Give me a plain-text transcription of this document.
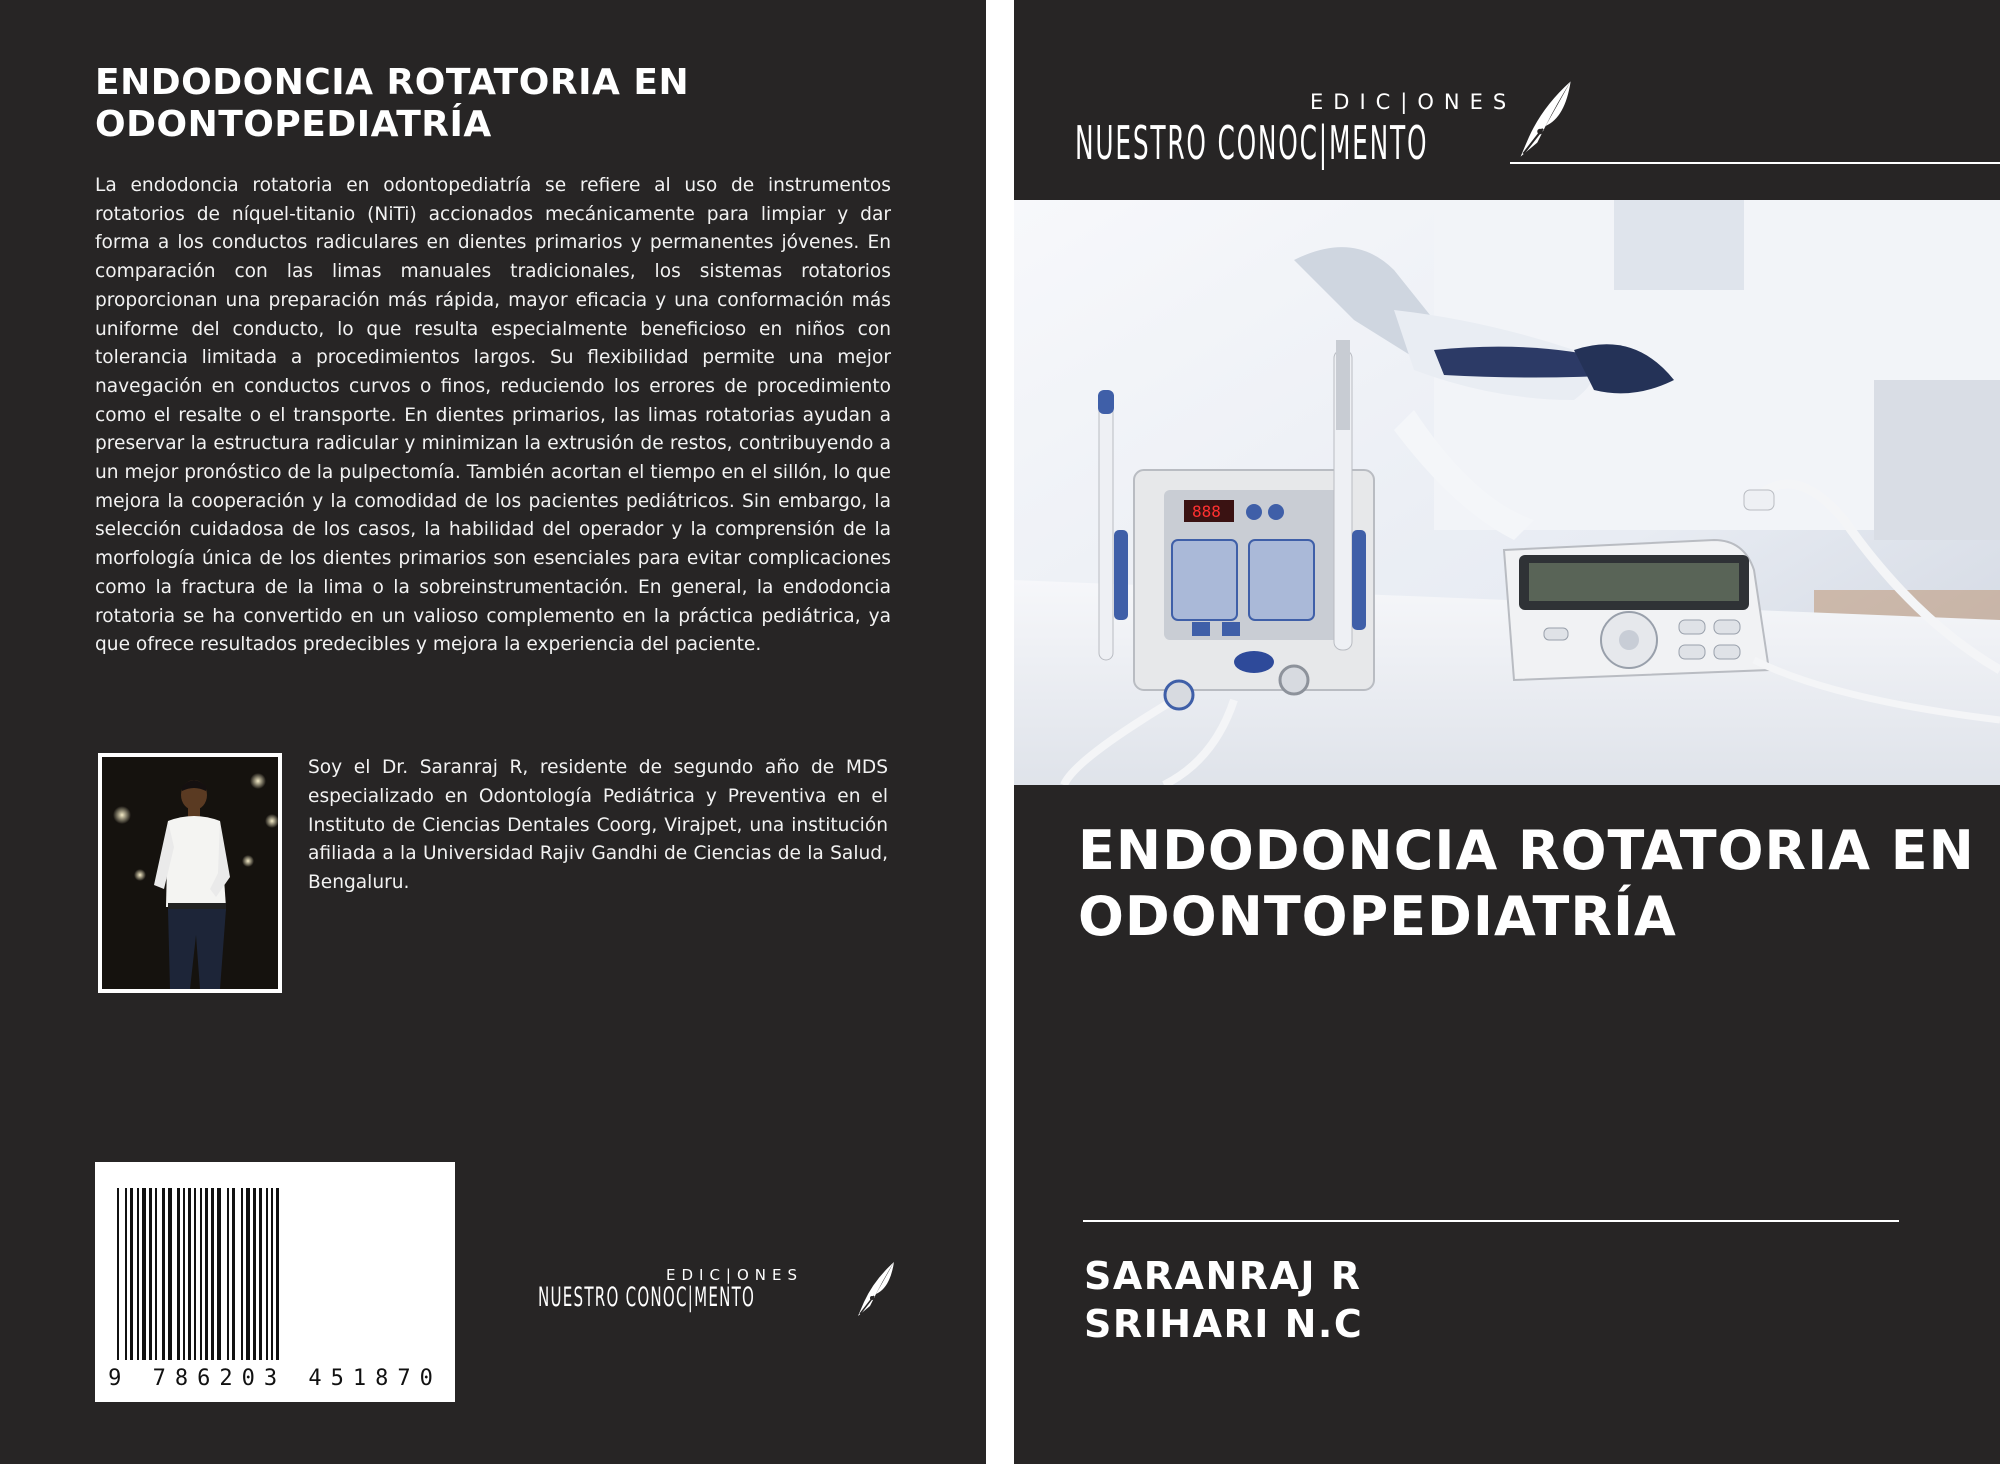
ENDODONCIA ROTATORIA EN ODONTOPEDIATRÍA

La endodoncia rotatoria en odontopediatría se refiere al uso de instrumentos rotatorios de níquel-titanio (NiTi) accionados mecánicamente para limpiar y dar forma a los conductos radiculares en dientes primarios y permanentes jóvenes. En comparación con las limas manuales tradicionales, los sistemas rotatorios proporcionan una preparación más rápida, mayor eficacia y una conformación más uniforme del conducto, lo que resulta especialmente beneficioso en niños con tolerancia limitada a procedimientos largos. Su flexibilidad permite una mejor navegación en conductos curvos o finos, reduciendo los errores de procedimiento como el resalte o el transporte. En dientes primarios, las limas rotatorias ayudan a preservar la estructura radicular y minimizan la extrusión de restos, contribuyendo a un mejor pronóstico de la pulpectomía. También acortan el tiempo en el sillón, lo que mejora la cooperación y la comodidad de los pacientes pediátricos. Sin embargo, la selección cuidadosa de los casos, la habilidad del operador y la comprensión de la morfología única de los dientes primarios son esenciales para evitar complicaciones como la fractura de la lima o la sobreinstrumentación. En general, la endodoncia rotatoria se ha convertido en un valioso complemento en la práctica pediátrica, ya que ofrece resultados predecibles y mejora la experiencia del paciente.

Soy el Dr. Saranraj R, residente de segundo año de MDS especializado en Odontología Pediátrica y Preventiva en el Instituto de Ciencias Dentales Coorg, Virajpet, una institución afiliada a la Universidad Rajiv Gandhi de Ciencias de la Salud, Bengaluru.

9 786203 451870
EDIC|ONES
NUESTRO CONOC|MENTO
EDIC|ONES
NUESTRO CONOC|MENTO
888
ENDODONCIA ROTATORIA EN ODONTOPEDIATRÍA

SARANRAJ R

SRIHARI N.C
